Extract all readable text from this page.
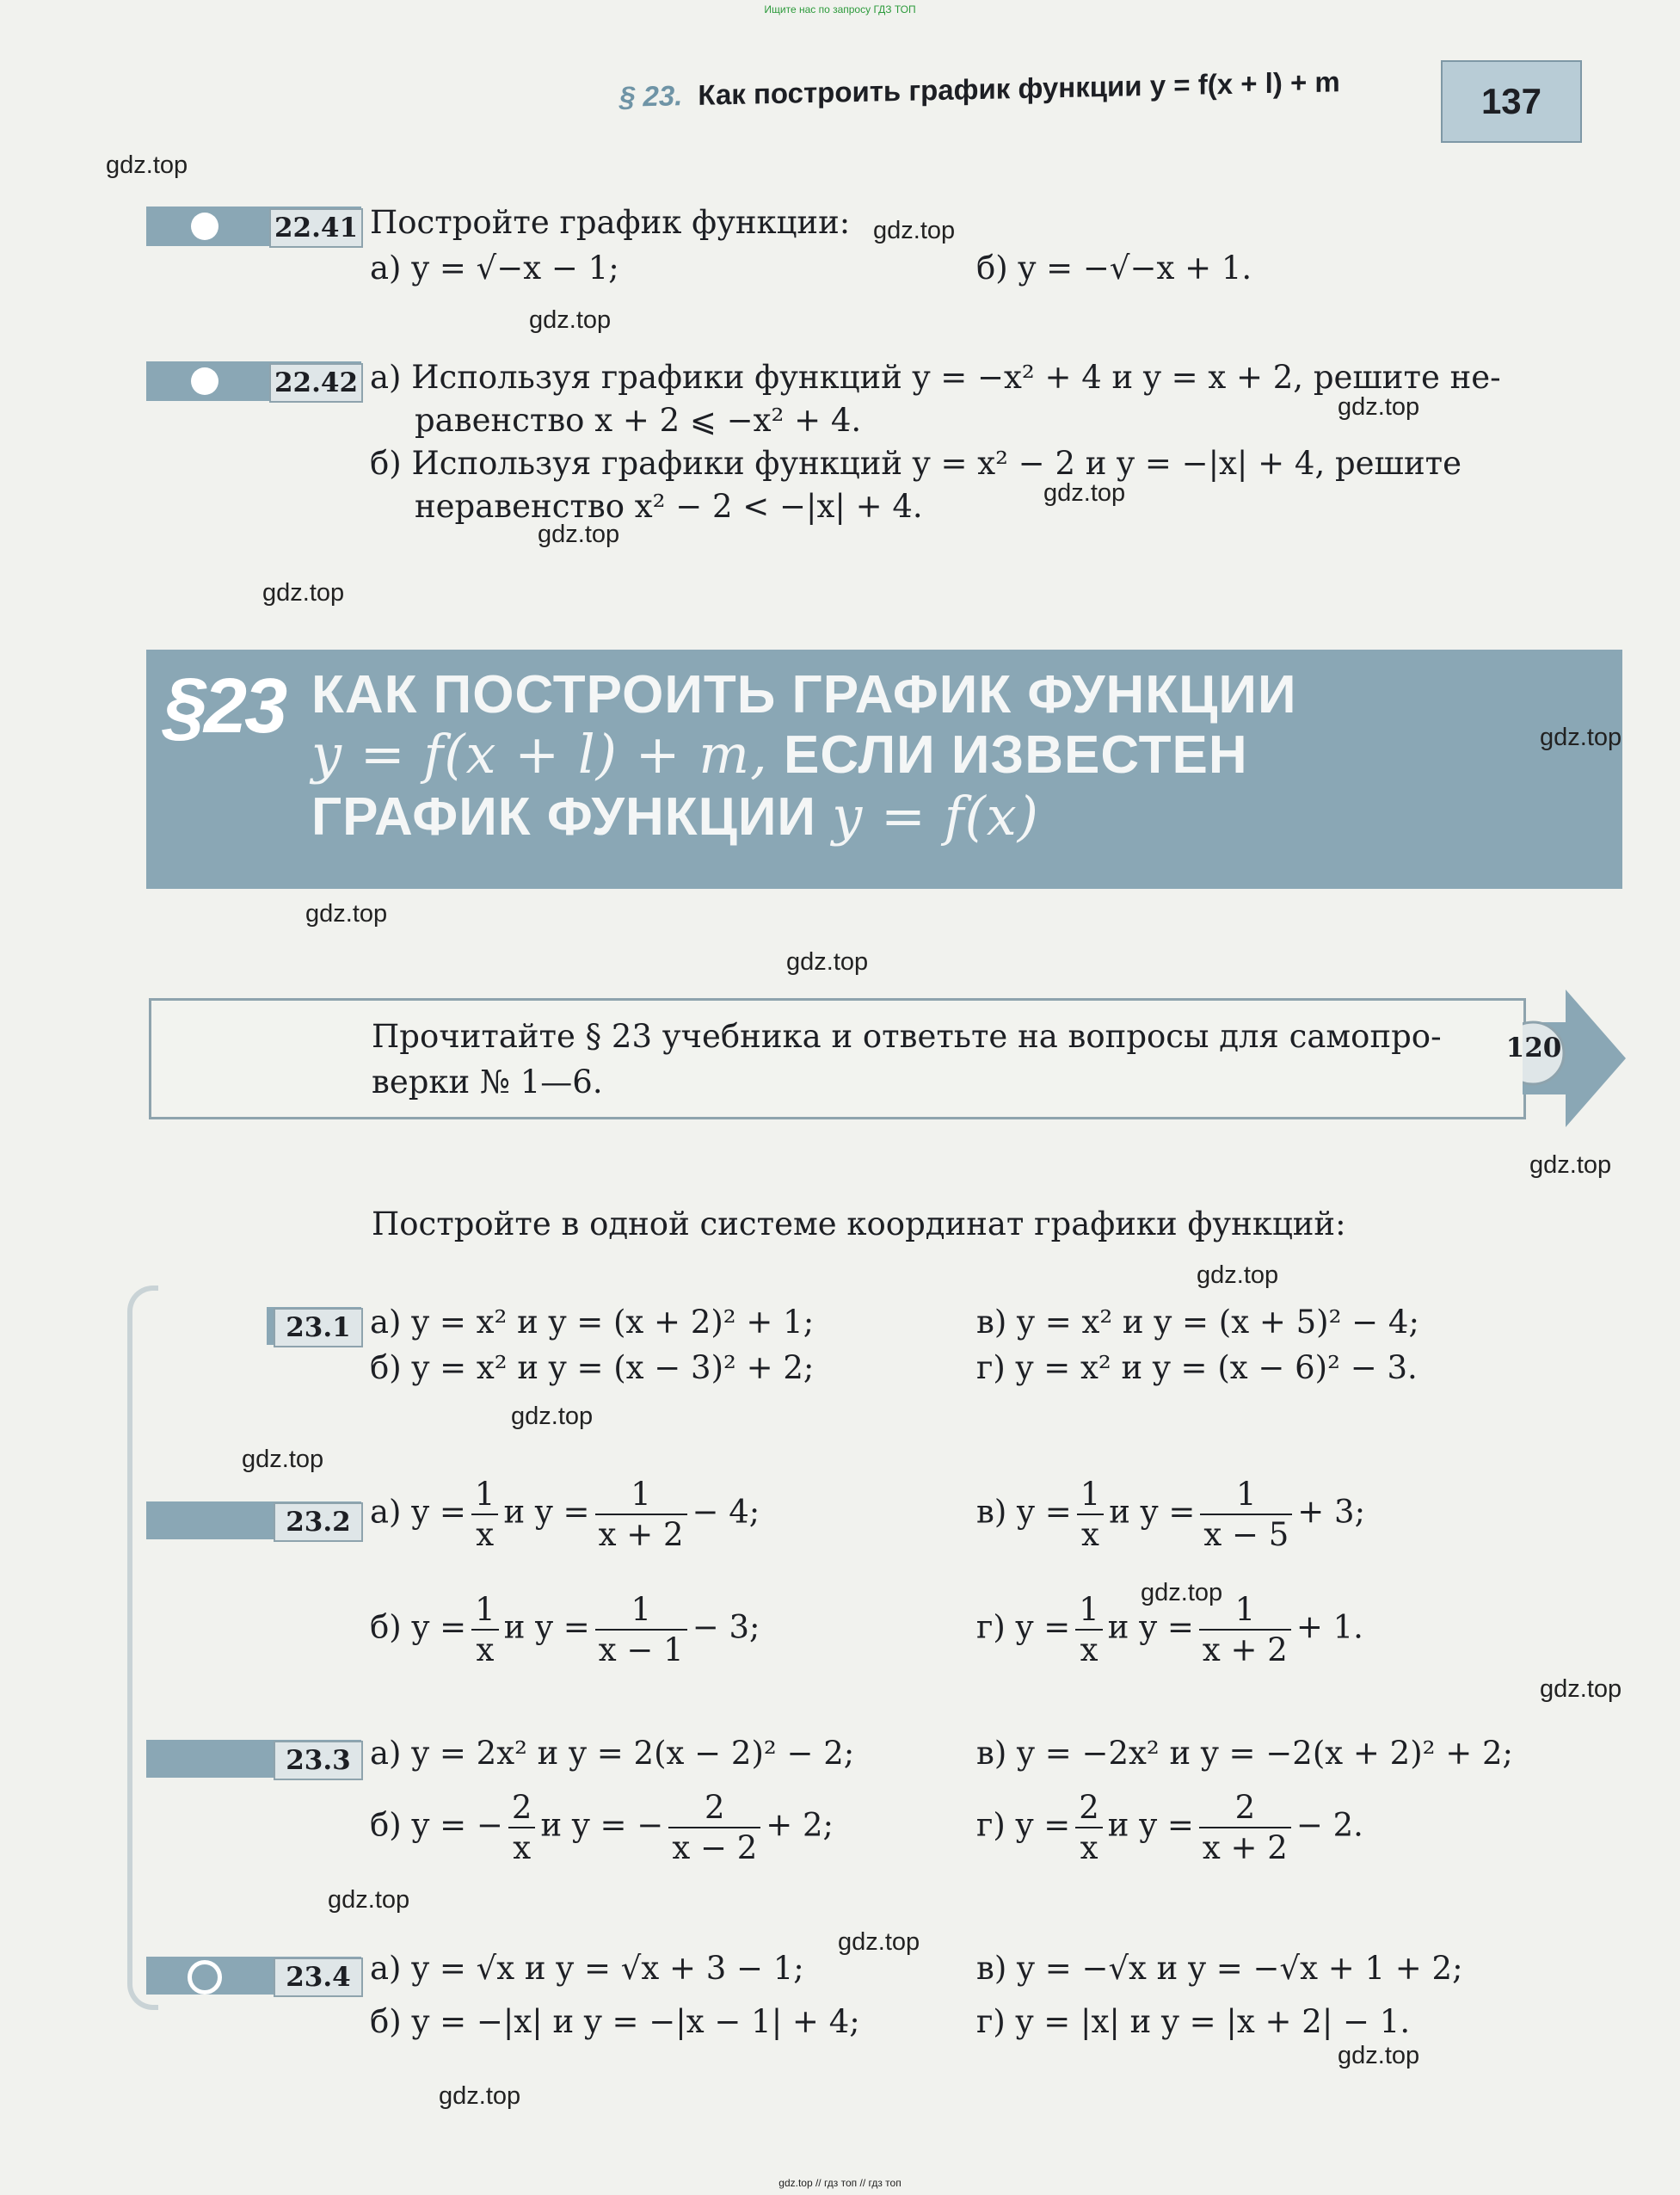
Ищите нас по запросу ГДЗ ТОП
§ 23. Как построить график функции y = f(x + l) + m	137
22.41 Постройте график функции:
а) y = √−x − 1;	б) y = −√−x + 1.
22.42 а) Используя графики функций y = −x² + 4 и y = x + 2, решите не-
равенство x + 2 ⩽ −x² + 4.
б) Используя графики функций y = x² − 2 и y = −|x| + 4, решите
неравенство x² − 2 < −|x| + 4.
§23 КАК ПОСТРОИТЬ ГРАФИК ФУНКЦИИ
y = f(x + l) + m, ЕСЛИ ИЗВЕСТЕН
ГРАФИК ФУНКЦИИ y = f(x)
Прочитайте § 23 учебника и ответьте на вопросы для самопро-
верки № 1—6.
120
Постройте в одной системе координат графики функций:
23.1 а) y = x² и y = (x + 2)² + 1;	в) y = x² и y = (x + 5)² − 4;
б) y = x² и y = (x − 3)² + 2;	г) y = x² и y = (x − 6)² − 3.
23.2 а) $y = \frac{1}{x}$ и $y = \frac{1}{x + 2} - 4$;	в) $y = \frac{1}{x}$ и $y = \frac{1}{x - 5} + 3$;
б) $y = \frac{1}{x}$ и $y = \frac{1}{x - 1} - 3$;	г) $y = \frac{1}{x}$ и $y = \frac{1}{x + 2} + 1$.
23.3 а) y = 2x² и y = 2(x − 2)² − 2;	в) y = −2x² и y = −2(x + 2)² + 2;
б) y = − $\frac{2}{x}$ и y = − $\frac{2}{x - 2} + 2$;	г) $y = \frac{2}{x}$ и $y = \frac{2}{x + 2} - 2$.
23.4 а) y = √x и y = √x + 3 − 1;	в) y = −√x и y = −√x + 1 + 2;
б) y = −|x| и y = −|x − 1| + 4;	г) y = |x| и y = |x + 2| − 1.
gdz.top
gdz.top
gdz.top
gdz.top
gdz.top
gdz.top
gdz.top
gdz.top
gdz.top
gdz.top
gdz.top
gdz.top
gdz.top
gdz.top
gdz.top
gdz.top
gdz.top
gdz.top
gdz.top
gdz.top
gdz.top // гдз топ // гдз топ
